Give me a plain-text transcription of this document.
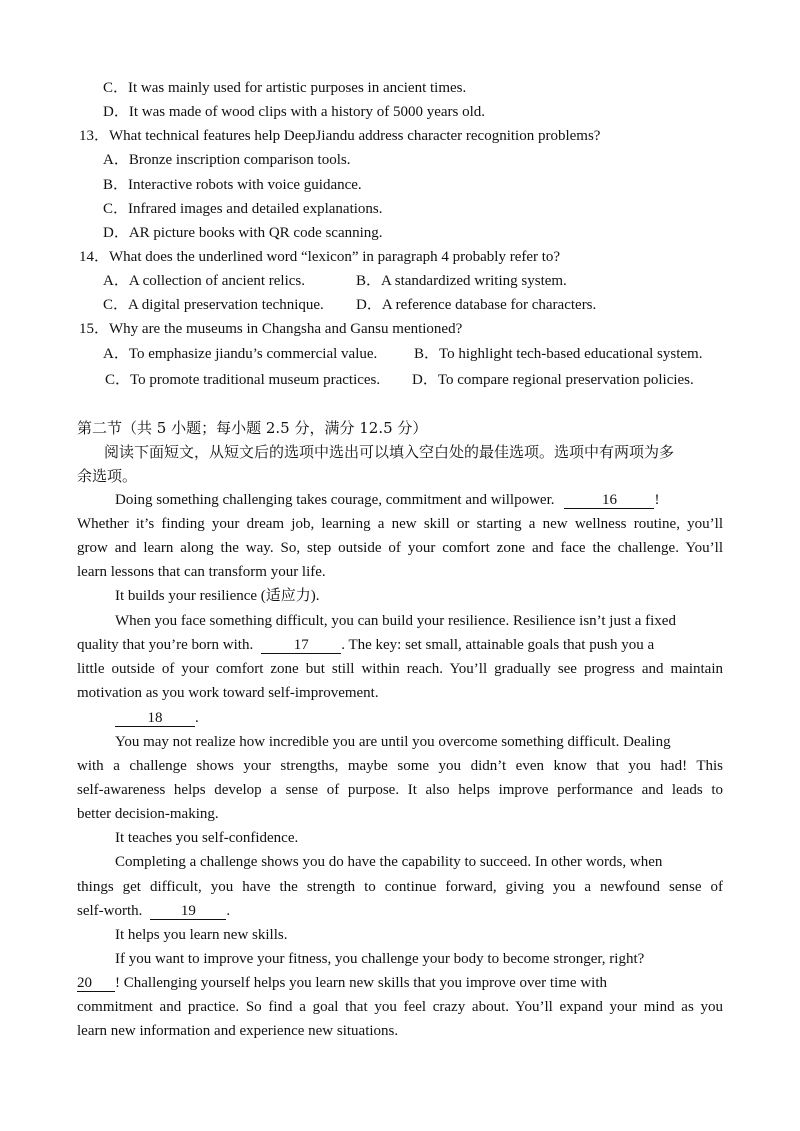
C．It was mainly used for artistic purposes in ancient times.
D．It was made of wood clips with a history of 5000 years old.
13．What technical features help DeepJiandu address character recognition problems?
A．Bronze inscription comparison tools.
B．Interactive robots with voice guidance.
C．Infrared images and detailed explanations.
D．AR picture books with QR code scanning.
14．What does the underlined word “lexicon” in paragraph 4 probably refer to?
A．A collection of ancient relics.	B．A standardized writing system.
C．A digital preservation technique. D．A reference database for characters.
15．Why are the museums in Changsha and Gansu mentioned?
A．To emphasize jiandu’s commercial value. B．To highlight tech-based educational system.
C．To promote traditional museum practices. D．To compare regional preservation policies.
第二节（共 5 小题；每小题 2.5 分，满分 12.5 分）
阅读下面短文，从短文后的选项中选出可以填入空白处的最佳选项。选项中有两项为多
余选项。
Doing something challenging takes courage, commitment and willpower.	16	!
Whether it’s finding your dream job, learning a new skill or starting a new wellness routine, you’ll
grow and learn along the way. So, step outside of your comfort zone and face the challenge. You’ll
learn lessons that can transform your life.
It builds your resilience (适应力).
When you face something difficult, you can build your resilience. Resilience isn’t just a fixed
quality that you’re born with.	17 . The key: set small, attainable goals that push you a
little outside of your comfort zone but still within reach. You’ll gradually see progress and maintain
motivation as you work toward self-improvement.
18 .
You may not realize how incredible you are until you overcome something difficult. Dealing
with a challenge shows your strengths, maybe some you didn’t even know that you had! This
self-awareness helps develop a sense of purpose. It also helps improve performance and leads to
better decision-making.
It teaches you self-confidence.
Completing a challenge shows you do have the capability to succeed. In other words, when
things get difficult, you have the strength to continue forward, giving you a newfound sense of
self-worth.	19 .
It helps you learn new skills.
If you want to improve your fitness, you challenge your body to become stronger, right?
20 ! Challenging yourself helps you learn new skills that you improve over time with
commitment and practice. So find a goal that you feel crazy about. You’ll expand your mind as you
learn new information and experience new situations.
